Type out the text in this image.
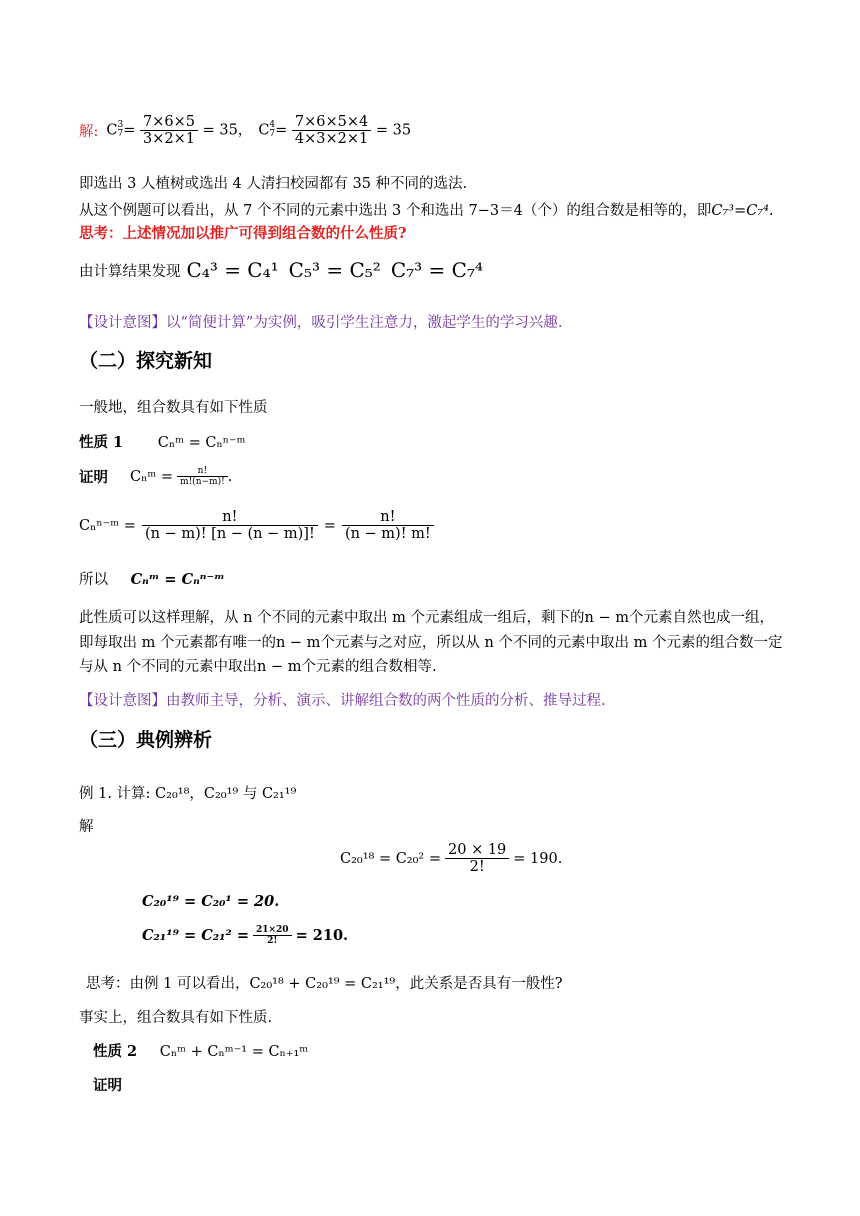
解: C 3
$7 = \frac{7\times 6\times 5}{3\times 2\times 1} = 35$， C 4
$7 = \frac{7\times 6\times 5\times 4}{4\times 3\times 2\times 1} = 35$
即选出 3 人植树或选出 4 人清扫校园都有 35 种不同的选法.
从这个例题可以看出，从 7 个不同的元素中选出 3 个和选出 7−3＝4（个）的组合数是相等的，即C₇³=C₇⁴.
思考：上述情况加以推广可得到组合数的什么性质?
由计算结果发现 C₄³ = C₄¹ C₅³ = C₅² C₇³ = C₇⁴
【设计意图】以“简便计算”为实例，吸引学生注意力，激起学生的学习兴趣.
（二）探究新知
一般地，组合数具有如下性质
性质 1 Cₙᵐ = Cₙⁿ⁻ᵐ
证明 Cₙᵐ = $\frac{n!}{m!(n-m)!}$ .
Cₙⁿ⁻ᵐ = $\frac{n!}{(n - m)! [n - (n - m)]!} = \frac{n!}{(n - m)! m!}$
所以 Cₙᵐ = Cₙⁿ⁻ᵐ
此性质可以这样理解，从 n 个不同的元素中取出 m 个元素组成一组后，剩下的n − m个元素自然也成一组，
即每取出 m 个元素都有唯一的n − m个元素与之对应，所以从 n 个不同的元素中取出 m 个元素的组合数一定
与从 n 个不同的元素中取出n − m个元素的组合数相等.
【设计意图】由教师主导，分析、演示、讲解组合数的两个性质的分析、推导过程.
（三）典例辨析
例 1. 计算: C₂₀¹⁸，C₂₀¹⁹ 与 C₂₁¹⁹
解
$C_{20}^{18} = C_{20}^2 = \frac{20 \times 19}{2!} = 190$.
C₂₀¹⁹ = C₂₀¹ = 20.
$C_{21}^{19} = C_{21}^2 = \frac{21\times 20}{2!} = 210$.
思考：由例 1 可以看出，C₂₀¹⁸ + C₂₀¹⁹ = C₂₁¹⁹，此关系是否具有一般性?
事实上，组合数具有如下性质.
性质 2 Cₙᵐ + Cₙᵐ⁻¹ = Cₙ₊₁ᵐ
证明
